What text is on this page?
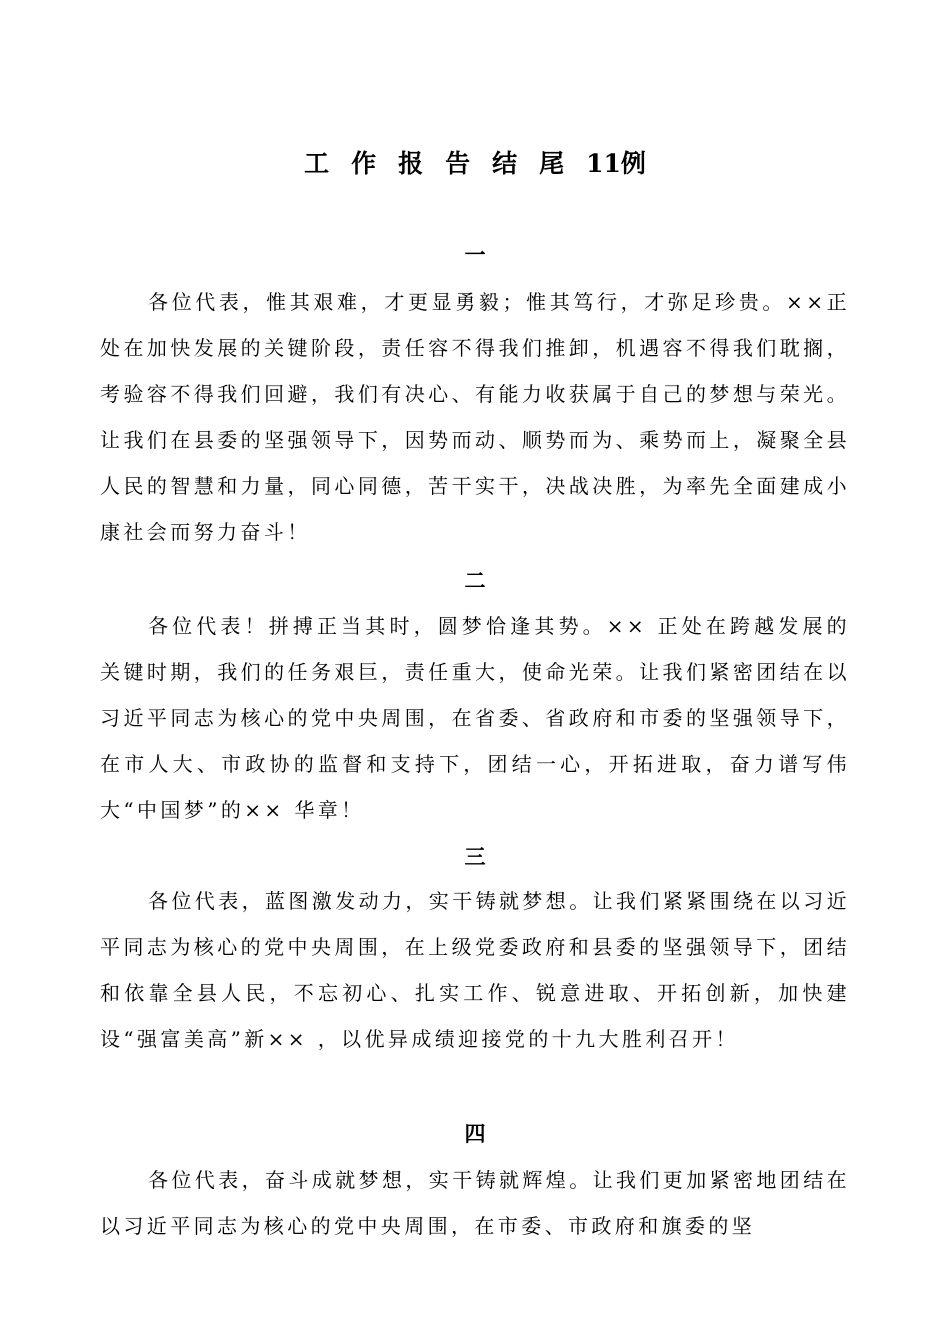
工作报告结尾11例
一

各位代表，惟其艰难，才更显勇毅；惟其笃行，才弥足珍贵。××正处在加快发展的关键阶段，责任容不得我们推卸，机遇容不得我们耽搁，考验容不得我们回避，我们有决心、有能力收获属于自己的梦想与荣光。让我们在县委的坚强领导下，因势而动、顺势而为、乘势而上，凝聚全县人民的智慧和力量，同心同德，苦干实干，决战决胜，为率先全面建成小康社会而努力奋斗！

二

各位代表！拼搏正当其时，圆梦恰逢其势。×× 正处在跨越发展的关键时期，我们的任务艰巨，责任重大，使命光荣。让我们紧密团结在以习近平同志为核心的党中央周围，在省委、省政府和市委的坚强领导下，在市人大、市政协的监督和支持下，团结一心，开拓进取，奋力谱写伟大“中国梦”的×× 华章！

三

各位代表，蓝图激发动力，实干铸就梦想。让我们紧紧围绕在以习近平同志为核心的党中央周围，在上级党委政府和县委的坚强领导下，团结和依靠全县人民，不忘初心、扎实工作、锐意进取、开拓创新，加快建设“强富美高”新×× ，以优异成绩迎接党的十九大胜利召开！

四

各位代表，奋斗成就梦想，实干铸就辉煌。让我们更加紧密地团结在以习近平同志为核心的党中央周围，在市委、市政府和旗委的坚
